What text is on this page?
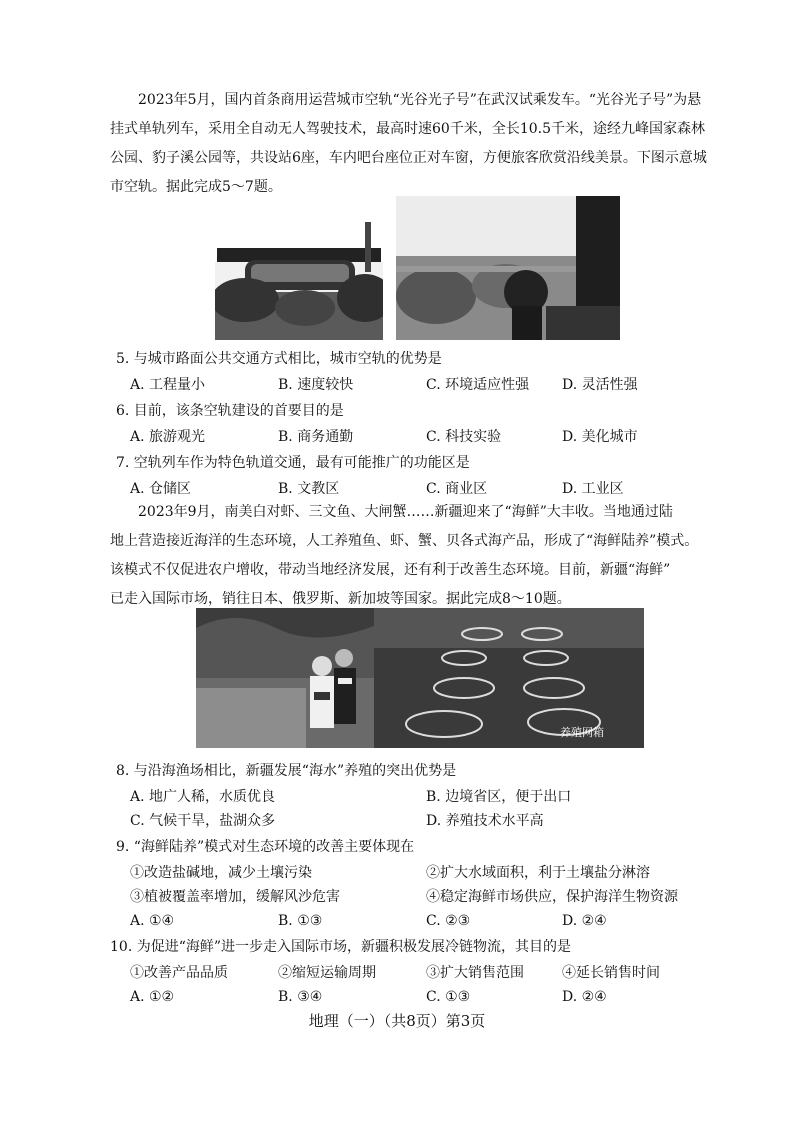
2023年5月，国内首条商用运营城市空轨“光谷光子号”在武汉试乘发车。“光谷光子号”为悬
挂式单轨列车，采用全自动无人驾驶技术，最高时速60千米，全长10.5千米，途经九峰国家森林
公园、豹子溪公园等，共设站6座，车内吧台座位正对车窗，方便旅客欣赏沿线美景。下图示意城
市空轨。据此完成5～7题。
5. 与城市路面公共交通方式相比，城市空轨的优势是
A. 工程量小	B. 速度较快	C. 环境适应性强 D. 灵活性强
6. 目前，该条空轨建设的首要目的是
A. 旅游观光	B. 商务通勤	C. 科技实验	D. 美化城市
7. 空轨列车作为特色轨道交通，最有可能推广的功能区是
A. 仓储区	B. 文教区	C. 商业区	D. 工业区
2023年9月，南美白对虾、三文鱼、大闸蟹……新疆迎来了“海鲜”大丰收。当地通过陆
地上营造接近海洋的生态环境，人工养殖鱼、虾、蟹、贝各式海产品，形成了“海鲜陆养”模式。
该模式不仅促进农户增收，带动当地经济发展，还有利于改善生态环境。目前，新疆“海鲜”
已走入国际市场，销往日本、俄罗斯、新加坡等国家。据此完成8～10题。
养殖网箱
8. 与沿海渔场相比，新疆发展“海水”养殖的突出优势是
A. 地广人稀，水质优良	B. 边境省区，便于出口
C. 气候干旱，盐湖众多	D. 养殖技术水平高
9. “海鲜陆养”模式对生态环境的改善主要体现在
①改造盐碱地，减少土壤污染	②扩大水域面积，利于土壤盐分淋溶
③植被覆盖率增加，缓解风沙危害	④稳定海鲜市场供应，保护海洋生物资源
A. ①④	B. ①③	C. ②③	D. ②④
10. 为促进“海鲜”进一步走入国际市场，新疆积极发展冷链物流，其目的是
①改善产品品质	②缩短运输周期	③扩大销售范围	④延长销售时间
A. ①②	B. ③④	C. ①③	D. ②④
地理（一）（共8页）第3页
